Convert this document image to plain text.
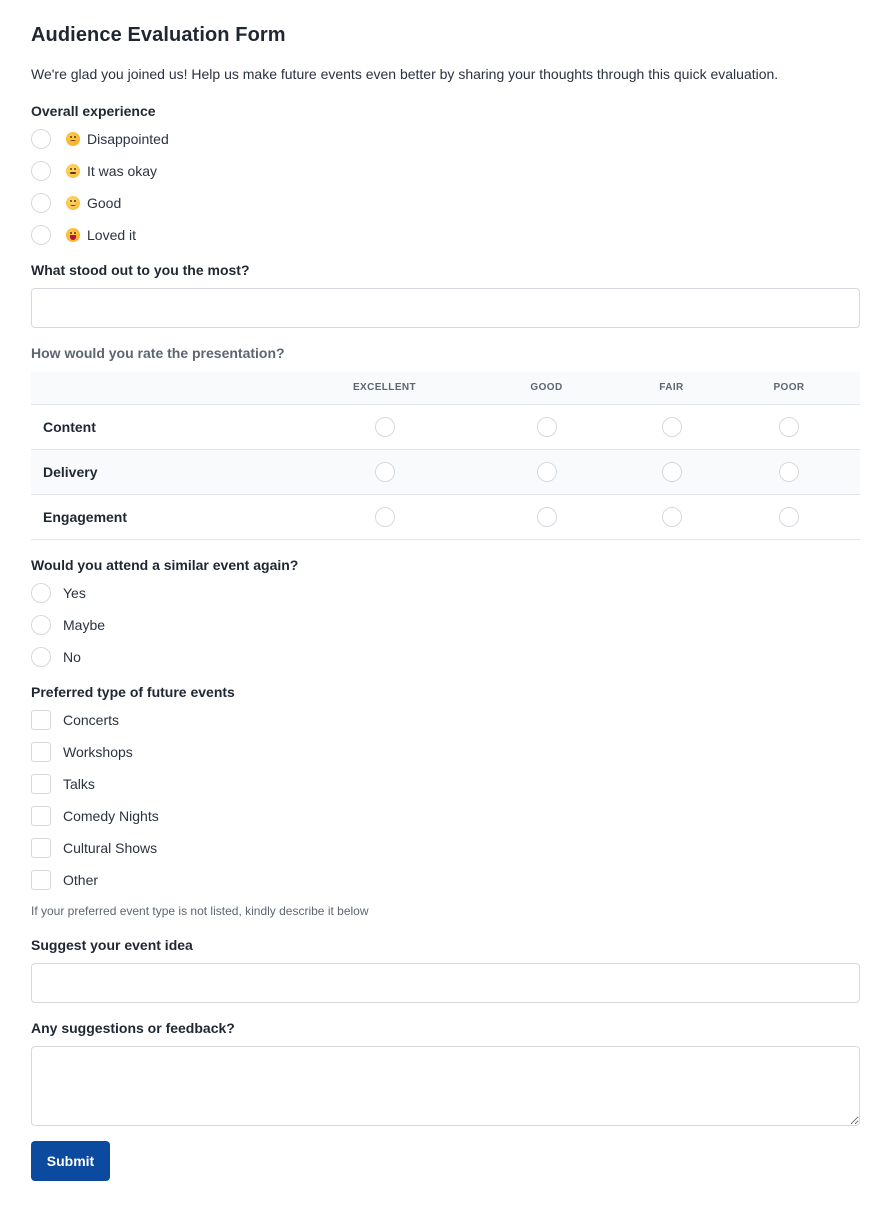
Audience Evaluation Form

We're glad you joined us! Help us make future events even better by sharing your thoughts through this quick evaluation.

Overall experience
Disappointed
It was okay
Good
Loved it
What stood out to you the most?
How would you rate the presentation?
	EXCELLENT	GOOD	FAIR	POOR
Content				
Delivery				
Engagement				
Would you attend a similar event again?
Yes
Maybe
No
Preferred type of future events
Concerts
Workshops
Talks
Comedy Nights
Cultural Shows
Other
If your preferred event type is not listed, kindly describe it below
Suggest your event idea
Any suggestions or feedback?
Submit
